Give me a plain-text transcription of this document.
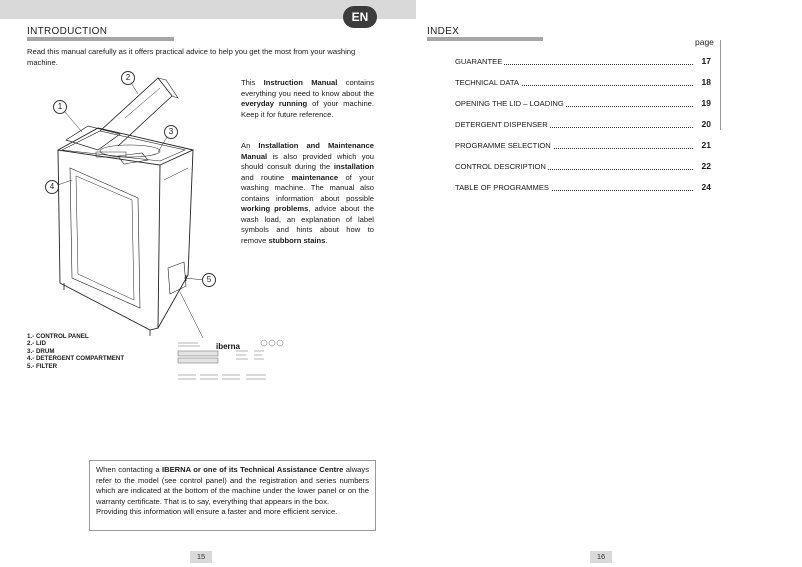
EN
INTRODUCTION

Read this manual carefully as it offers practical advice to help you get the most from your washing machine.

1
2
3
4
5

This Instruction Manual contains everything you need to know about the everyday running of your machine. Keep it for future reference.

An Installation and Maintenance Manual is also provided which you should consult during the installation and routine maintenance of your washing machine. The manual also contains information about possible working problems, advice about the wash load, an explanation of label symbols and hints about how to remove stubborn stains.

1.- CONTROL PANEL
2.- LID
3.- DRUM
4.- DETERGENT COMPARTMENT
5.- FILTER
iberna

When contacting a IBERNA or one of its Technical Assistance Centre always refer to the model (see control panel) and the registration and series numbers which are indicated at the bottom of the machine under the lower panel or on the warranty certificate. That is to say, everything that appears in the box.
Providing this information will ensure a faster and more efficient service.

15
INDEX
page
GUARANTEE	17
TECHNICAL DATA	18
OPENING THE LID – LOADING	19
DETERGENT DISPENSER	20
PROGRAMME SELECTION	21
CONTROL DESCRIPTION	22
TABLE OF PROGRAMMES	24
16
